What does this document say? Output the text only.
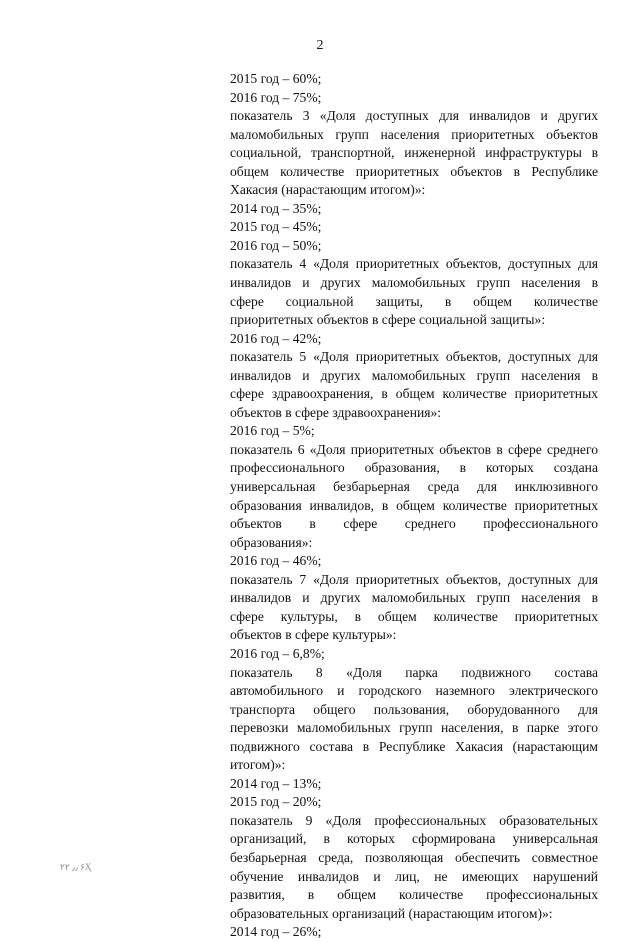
2
2015 год – 60%;
2016 год – 75%;
показатель 3 «Доля доступных для инвалидов и других
маломобильных групп населения приоритетных объектов
социальной, транспортной, инженерной инфраструктуры в
общем количестве приоритетных объектов в Республике
Хакасия (нарастающим итогом)»:
2014 год – 35%;
2015 год – 45%;
2016 год – 50%;
показатель 4 «Доля приоритетных объектов, доступных для
инвалидов и других маломобильных групп населения в
сфере социальной защиты, в общем количестве
приоритетных объектов в сфере социальной защиты»:
2016 год – 42%;
показатель 5 «Доля приоритетных объектов, доступных для
инвалидов и других маломобильных групп населения в
сфере здравоохранения, в общем количестве приоритетных
объектов в сфере здравоохранения»:
2016 год – 5%;
показатель 6 «Доля приоритетных объектов в сфере среднего
профессионального образования, в которых создана
универсальная безбарьерная среда для инклюзивного
образования инвалидов, в общем количестве приоритетных
объектов в сфере среднего профессионального
образования»:
2016 год – 46%;
показатель 7 «Доля приоритетных объектов, доступных для
инвалидов и других маломобильных групп населения в
сфере культуры, в общем количестве приоритетных
объектов в сфере культуры»:
2016 год – 6,8%;
показатель 8 «Доля парка подвижного состава
автомобильного и городского наземного электрического
транспорта общего пользования, оборудованного для
перевозки маломобильных групп населения, в парке этого
подвижного состава в Республике Хакасия (нарастающим
итогом)»:
2014 год – 13%;
2015 год – 20%;
показатель 9 «Доля профессиональных образовательных
организаций, в которых сформирована универсальная
безбарьерная среда, позволяющая обеспечить совместное
обучение инвалидов и лиц, не имеющих нарушений
развития, в общем количестве профессиональных
образовательных организаций (нарастающим итогом)»:
2014 год – 26%;
٫٫ ٢٢ ۶Ҳ
